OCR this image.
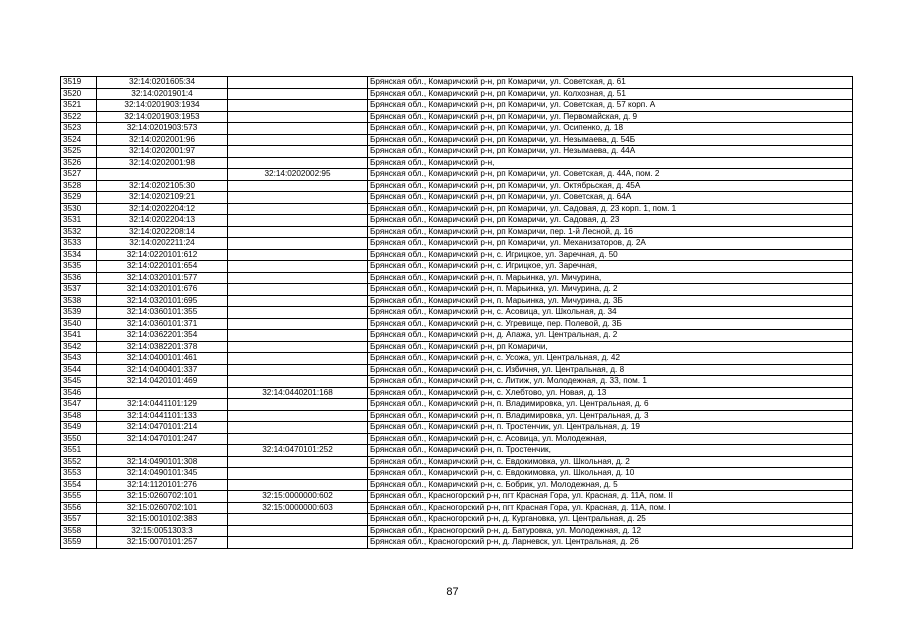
3519	32:14:0201605:34		Брянская обл., Комаричский р-н, рп Комаричи, ул. Советская, д. 61
3520	32:14:0201901:4		Брянская обл., Комаричский р-н, рп Комаричи, ул. Колхозная, д. 51
3521	32:14:0201903:1934		Брянская обл., Комаричский р-н, рп Комаричи, ул. Советская, д. 57 корп. А
3522	32:14:0201903:1953		Брянская обл., Комаричский р-н, рп Комаричи, ул. Первомайская, д. 9
3523	32:14:0201903:573		Брянская обл., Комаричский р-н, рп Комаричи, ул. Осипенко, д. 18
3524	32:14:0202001:96		Брянская обл., Комаричский р-н, рп Комаричи, ул. Незымаева, д. 54Б
3525	32:14:0202001:97		Брянская обл., Комаричский р-н, рп Комаричи, ул. Незымаева, д. 44А
3526	32:14:0202001:98		Брянская обл., Комаричский р-н,
3527		32:14:0202002:95	Брянская обл., Комаричский р-н, рп Комаричи, ул. Советская, д. 44А, пом. 2
3528	32:14:0202105:30		Брянская обл., Комаричский р-н, рп Комаричи, ул. Октябрьская, д. 45А
3529	32:14:0202109:21		Брянская обл., Комаричский р-н, рп Комаричи, ул. Советская, д. 64А
3530	32:14:0202204:12		Брянская обл., Комаричский р-н, рп Комаричи, ул. Садовая, д. 23 корп. 1, пом. 1
3531	32:14:0202204:13		Брянская обл., Комаричский р-н, рп Комаричи, ул. Садовая, д. 23
3532	32:14:0202208:14		Брянская обл., Комаричский р-н, рп Комаричи, пер. 1-й Лесной, д. 16
3533	32:14:0202211:24		Брянская обл., Комаричский р-н, рп Комаричи, ул. Механизаторов, д. 2А
3534	32:14:0220101:612		Брянская обл., Комаричский р-н, с. Игрицкое, ул. Заречная, д. 50
3535	32:14:0220101:654		Брянская обл., Комаричский р-н, с. Игрицкое, ул. Заречная,
3536	32:14:0320101:577		Брянская обл., Комаричский р-н, п. Марьинка, ул. Мичурина,
3537	32:14:0320101:676		Брянская обл., Комаричский р-н, п. Марьинка, ул. Мичурина, д. 2
3538	32:14:0320101:695		Брянская обл., Комаричский р-н, п. Марьинка, ул. Мичурина, д. 3Б
3539	32:14:0360101:355		Брянская обл., Комаричский р-н, с. Асовица, ул. Школьная, д. 34
3540	32:14:0360101:371		Брянская обл., Комаричский р-н, с. Угревище, пер. Полевой, д. 3Б
3541	32:14:0362201:354		Брянская обл., Комаричский р-н, д. Апажа, ул. Центральная, д. 2
3542	32:14:0382201:378		Брянская обл., Комаричский р-н, рп Комаричи,
3543	32:14:0400101:461		Брянская обл., Комаричский р-н, с. Усожа, ул. Центральная, д. 42
3544	32:14:0400401:337		Брянская обл., Комаричский р-н, с. Избичня, ул. Центральная, д. 8
3545	32:14:0420101:469		Брянская обл., Комаричский р-н, с. Литиж, ул. Молодежная, д. 33, пом. 1
3546		32:14:0440201:168	Брянская обл., Комаричский р-н, с. Хлебтово, ул. Новая, д. 13
3547	32:14:0441101:129		Брянская обл., Комаричский р-н, п. Владимировка, ул. Центральная, д. 6
3548	32:14:0441101:133		Брянская обл., Комаричский р-н, п. Владимировка, ул. Центральная, д. 3
3549	32:14:0470101:214		Брянская обл., Комаричский р-н, п. Тростенчик, ул. Центральная, д. 19
3550	32:14:0470101:247		Брянская обл., Комаричский р-н, с. Асовица, ул. Молодежная,
3551		32:14:0470101:252	Брянская обл., Комаричский р-н, п. Тростенчик,
3552	32:14:0490101:308		Брянская обл., Комаричский р-н, с. Евдокимовка, ул. Школьная, д. 2
3553	32:14:0490101:345		Брянская обл., Комаричский р-н, с. Евдокимовка, ул. Школьная, д. 10
3554	32:14:1120101:276		Брянская обл., Комаричский р-н, с. Бобрик, ул. Молодежная, д. 5
3555	32:15:0260702:101	32:15:0000000:602	Брянская обл., Красногорский р-н, пгт Красная Гора, ул. Красная, д. 11А, пом. II
3556	32:15:0260702:101	32:15:0000000:603	Брянская обл., Красногорский р-н, пгт Красная Гора, ул. Красная, д. 11А, пом. I
3557	32:15:0010102:383		Брянская обл., Красногорский р-н, д. Кургановка, ул. Центральная, д. 25
3558	32:15:0051303:3		Брянская обл., Красногорский р-н, д. Батуровка, ул. Молодежная, д. 12
3559	32:15:0070101:257		Брянская обл., Красногорский р-н, д. Ларневск, ул. Центральная, д. 26
87
